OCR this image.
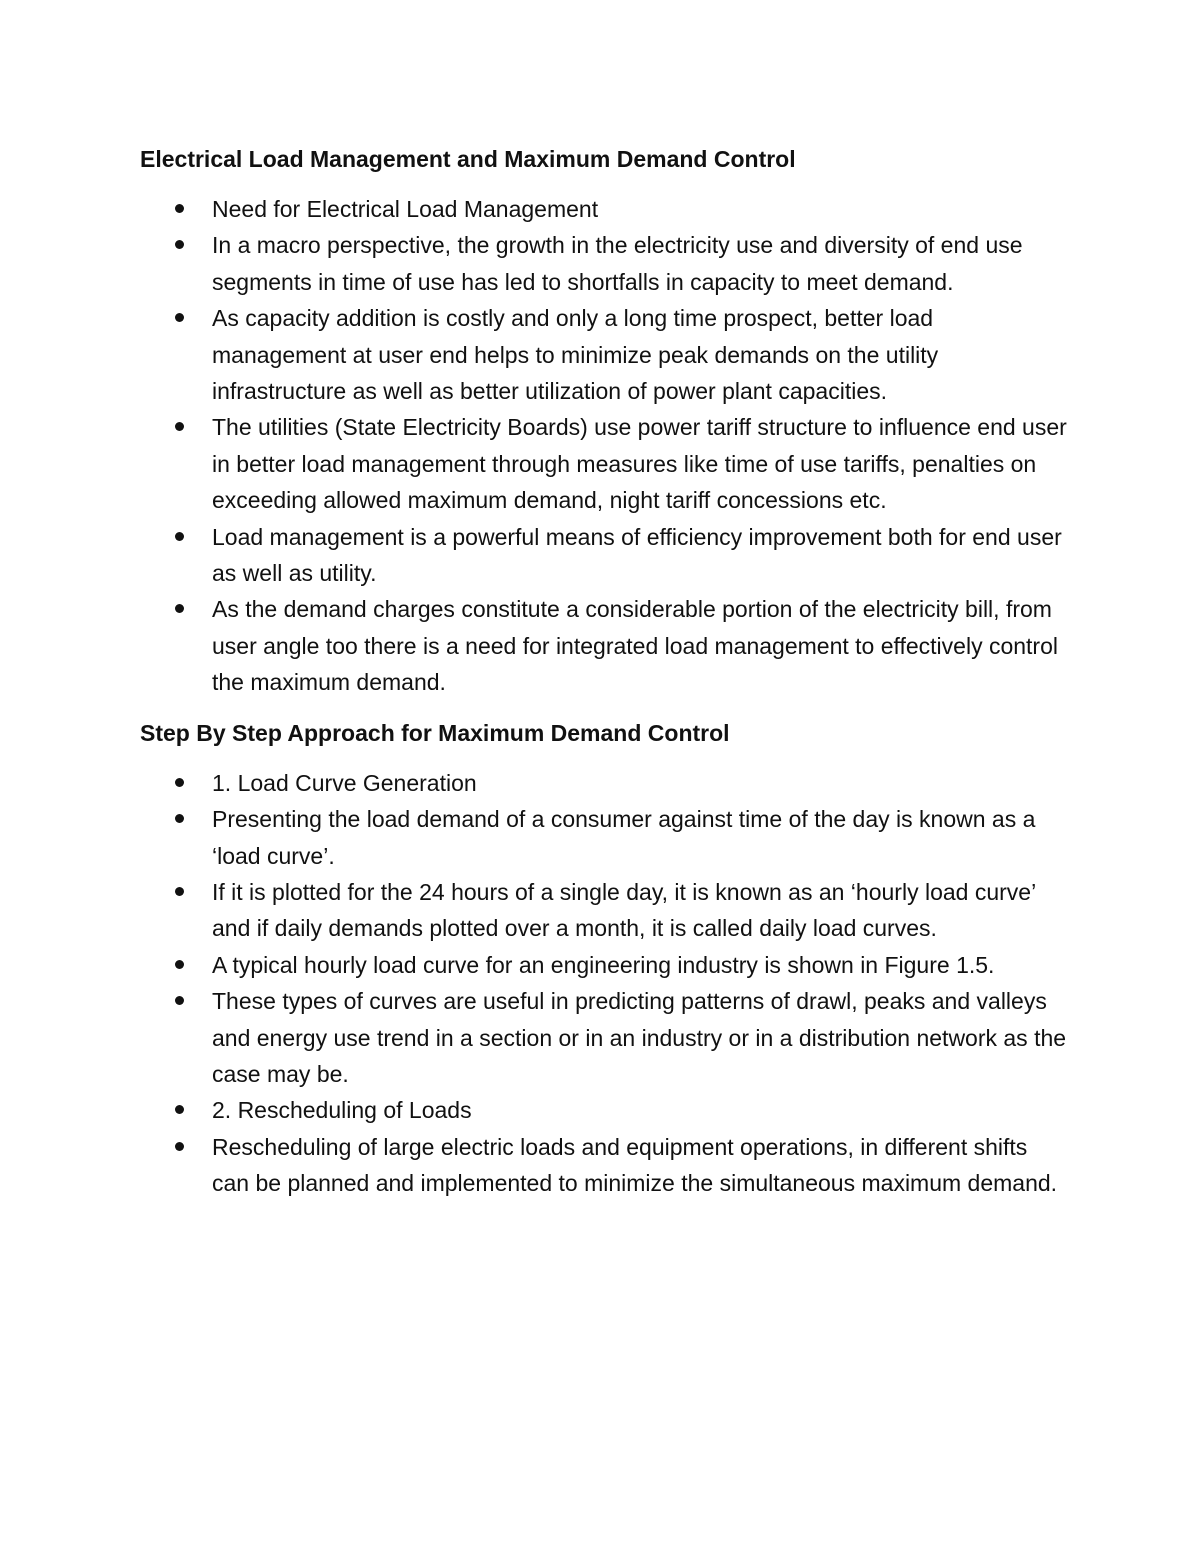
Electrical Load Management and Maximum Demand Control
Need for Electrical Load Management
In a macro perspective, the growth in the electricity use and diversity of end use segments in time of use has led to shortfalls in capacity to meet demand.
As capacity addition is costly and only a long time prospect, better load management at user end helps to minimize peak demands on the utility infrastructure as well as better utilization of power plant capacities.
The utilities (State Electricity Boards) use power tariff structure to influence end user in better load management through measures like time of use tariffs, penalties on exceeding allowed maximum demand, night tariff concessions etc.
Load management is a powerful means of efficiency improvement both for end user as well as utility.
As the demand charges constitute a considerable portion of the electricity bill, from user angle too there is a need for integrated load management to effectively control the maximum demand.
Step By Step Approach for Maximum Demand Control
1. Load Curve Generation
Presenting the load demand of a consumer against time of the day is known as a ‘load curve’.
If it is plotted for the 24 hours of a single day, it is known as an ‘hourly load curve’ and if daily demands plotted over a month, it is called daily load curves.
A typical hourly load curve for an engineering industry is shown in Figure 1.5.
These types of curves are useful in predicting patterns of drawl, peaks and valleys and energy use trend in a section or in an industry or in a distribution network as the case may be.
2. Rescheduling of Loads
Rescheduling of large electric loads and equipment operations, in different shifts can be planned and implemented to minimize the simultaneous maximum demand.
